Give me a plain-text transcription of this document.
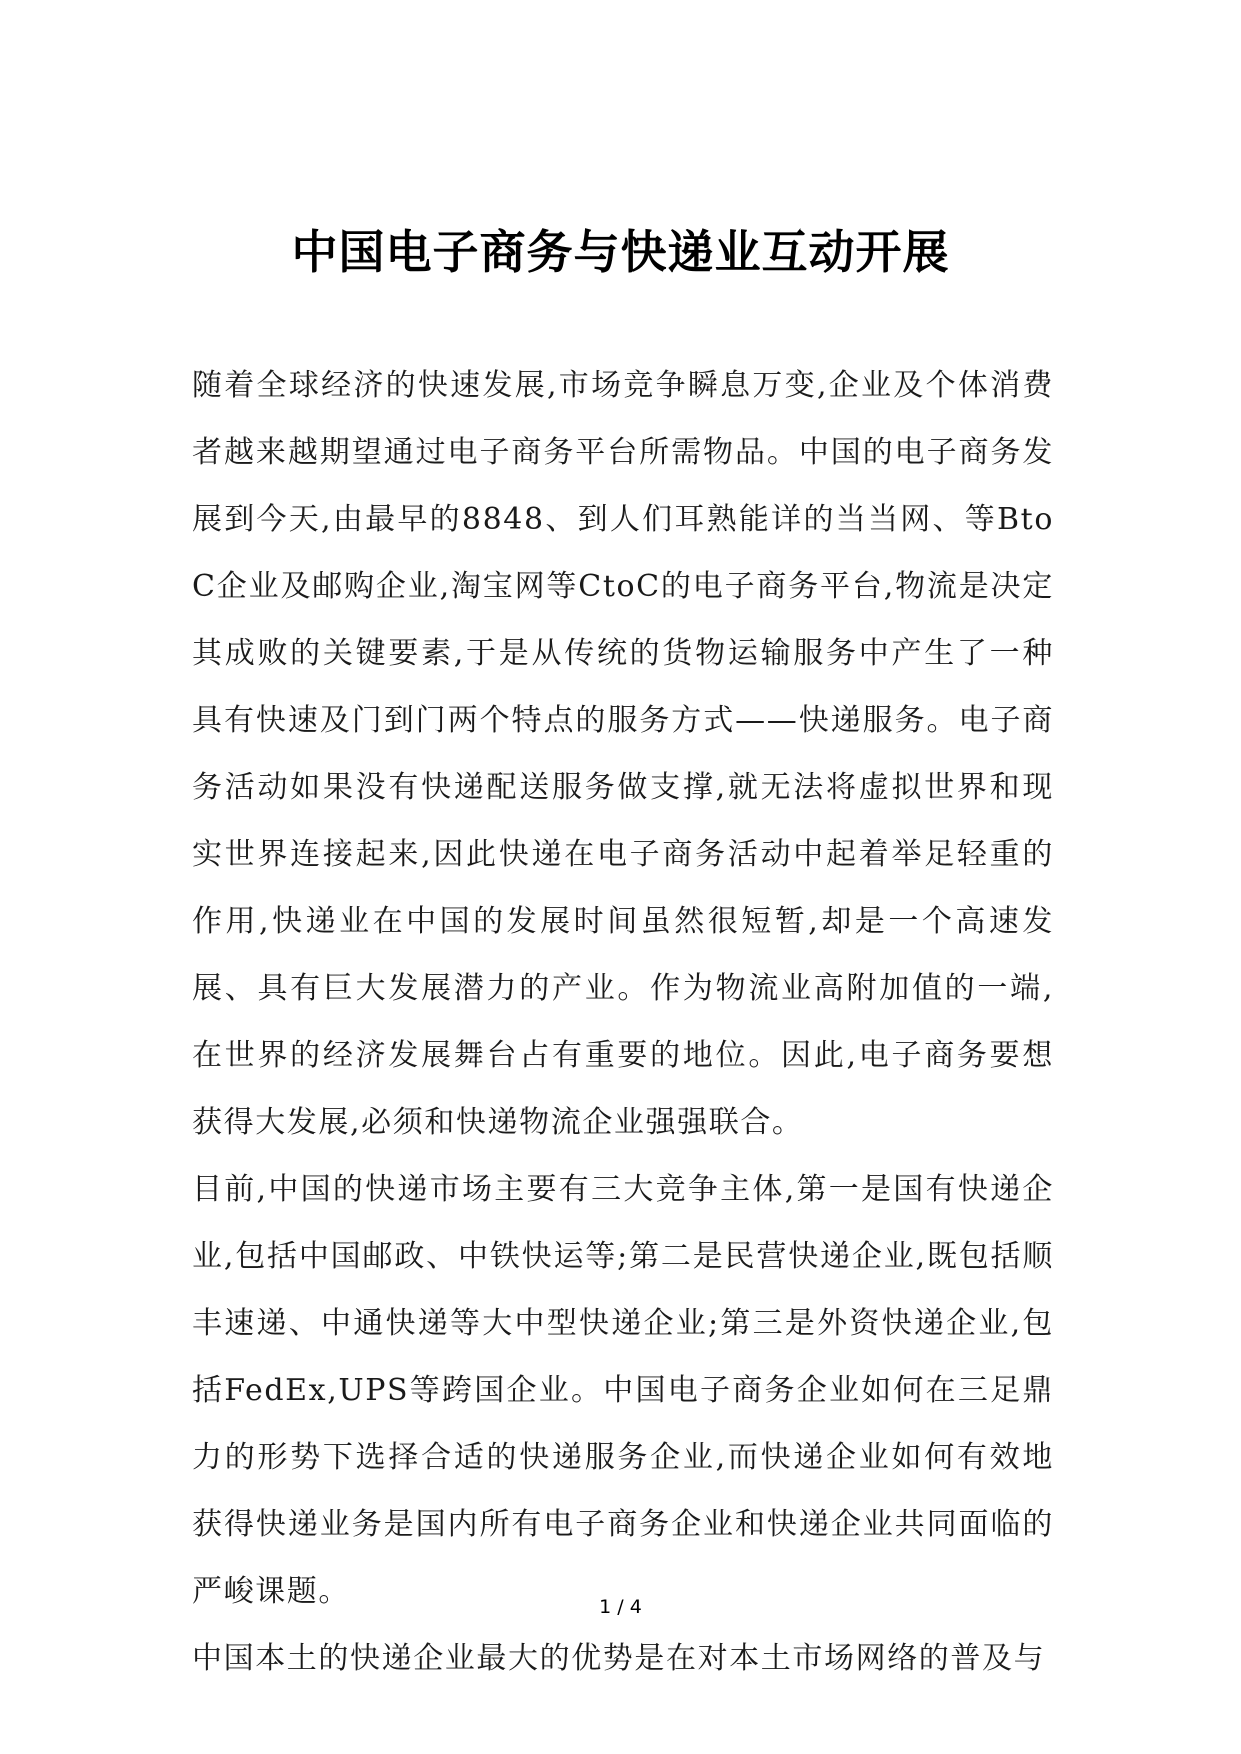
中国电子商务与快递业互动开展

随着全球经济的快速发展,市场竞争瞬息万变,企业及个体消费者越来越期望通过电子商务平台所需物品。中国的电子商务发展到今天,由最早的8848、到人们耳熟能详的当当网、等BtoC企业及邮购企业,淘宝网等CtoC的电子商务平台,物流是决定其成败的关键要素,于是从传统的货物运输服务中产生了一种具有快速及门到门两个特点的服务方式——快递服务。电子商务活动如果没有快递配送服务做支撑,就无法将虚拟世界和现实世界连接起来,因此快递在电子商务活动中起着举足轻重的作用,快递业在中国的发展时间虽然很短暂,却是一个高速发展、具有巨大发展潜力的产业。作为物流业高附加值的一端,在世界的经济发展舞台占有重要的地位。因此,电子商务要想获得大发展,必须和快递物流企业强强联合。

目前,中国的快递市场主要有三大竞争主体,第一是国有快递企业,包括中国邮政、中铁快运等;第二是民营快递企业,既包括顺丰速递、中通快递等大中型快递企业;第三是外资快递企业,包括FedEx,UPS等跨国企业。中国电子商务企业如何在三足鼎力的形势下选择合适的快递服务企业,而快递企业如何有效地获得快递业务是国内所有电子商务企业和快递企业共同面临的严峻课题。

中国本土的快递企业最大的优势是在对本土市场网络的普及与

1 / 4
